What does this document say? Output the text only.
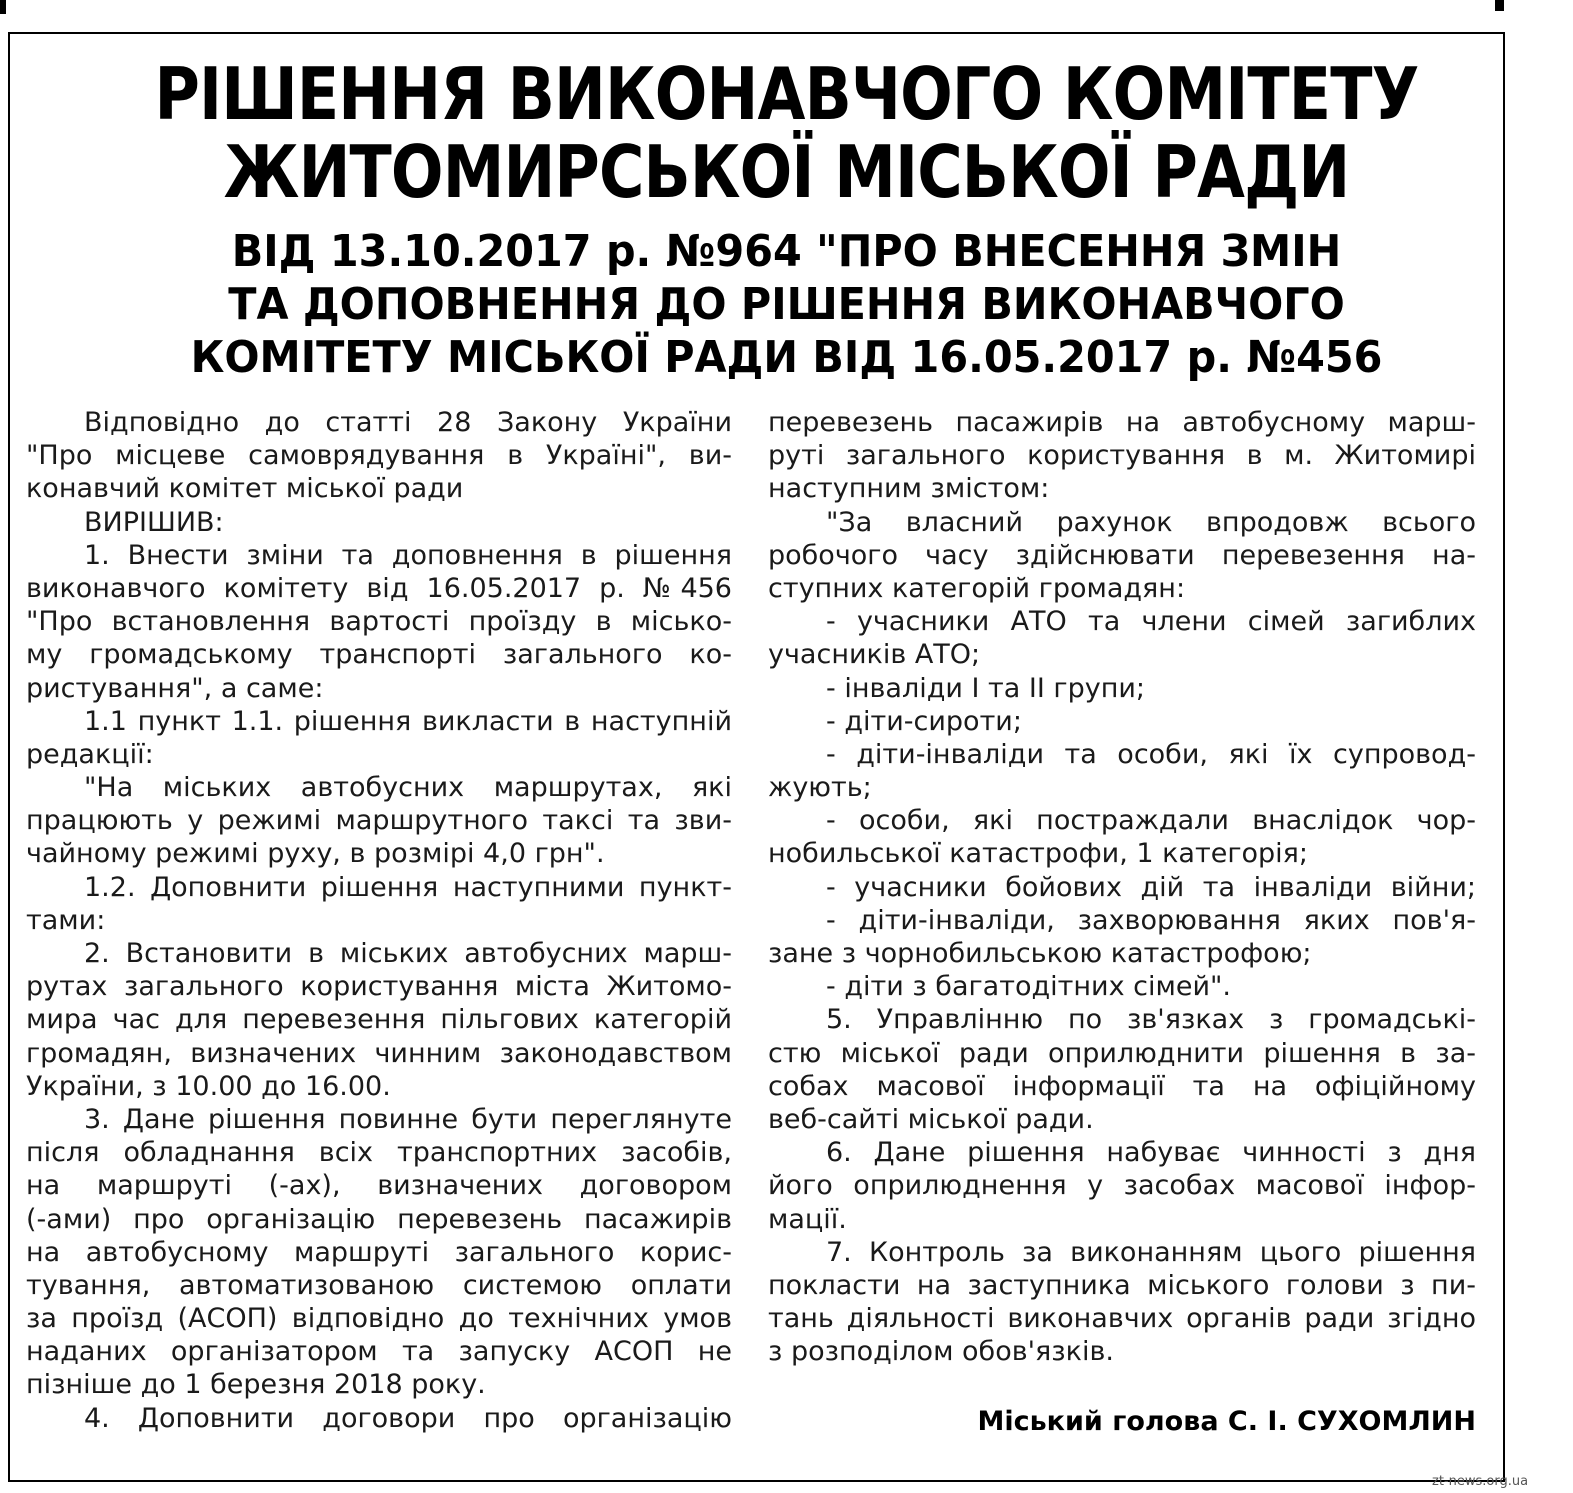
РІШЕННЯ ВИКОНАВЧОГО КОМІТЕТУ
ЖИТОМИРСЬКОЇ МІСЬКОЇ РАДИ
ВІД 13.10.2017 р. №964 "ПРО ВНЕСЕННЯ ЗМІН
ТА ДОПОВНЕННЯ ДО РІШЕННЯ ВИКОНАВЧОГО
КОМІТЕТУ МІСЬКОЇ РАДИ ВІД 16.05.2017 р. №456
Відповідно до статті 28 Закону України
"Про місцеве самоврядування в Україні", ви-
конавчий комітет міської ради
ВИРІШИВ:
1. Внести зміни та доповнення в рішення
виконавчого комітету від 16.05.2017 р. №456
"Про встановлення вартості проїзду в місько-
му громадському транспорті загального ко-
ристування", а саме:
1.1 пункт 1.1. рішення викласти в наступній
редакції:
"На міських автобусних маршрутах, які
працюють у режимі маршрутного таксі та зви-
чайному режимі руху, в розмірі 4,0 грн".
1.2. Доповнити рішення наступними пункт-
тами:
2. Встановити в міських автобусних марш-
рутах загального користування міста Житомо-
мира час для перевезення пільгових категорій
громадян, визначених чинним законодавством
України, з 10.00 до 16.00.
3. Дане рішення повинне бути переглянуте
після обладнання всіх транспортних засобів,
на маршруті (-ах), визначених договором
(-ами) про організацію перевезень пасажирів
на автобусному маршруті загального корис-
тування, автоматизованою системою оплати
за проїзд (АСОП) відповідно до технічних умов
наданих організатором та запуску АСОП не
пізніше до 1 березня 2018 року.
4. Доповнити договори про організацію
перевезень пасажирів на автобусному марш-
руті загального користування в м. Житомирі
наступним змістом:
"За власний рахунок впродовж всього
робочого часу здійснювати перевезення на-
ступних категорій громадян:
- учасники АТО та члени сімей загиблих
учасників АТО;
- інваліди І та ІІ групи;
- діти-сироти;
- діти-інваліди та особи, які їх супровод-
жують;
- особи, які постраждали внаслідок чор-
нобильської катастрофи, 1 категорія;
- учасники бойових дій та інваліди війни;
- діти-інваліди, захворювання яких пов'я-
зане з чорнобильською катастрофою;
- діти з багатодітних сімей".
5. Управлінню по зв'язках з громадські-
стю міської ради оприлюднити рішення в за-
собах масової інформації та на офіційному
веб-сайті міської ради.
6. Дане рішення набуває чинності з дня
його оприлюднення у засобах масової інфор-
мації.
7. Контроль за виконанням цього рішення
покласти на заступника міського голови з пи-
тань діяльності виконавчих органів ради згідно
з розподілом обов'язків.
Міський голова С. І. СУХОМЛИН
zt-news.org.ua
